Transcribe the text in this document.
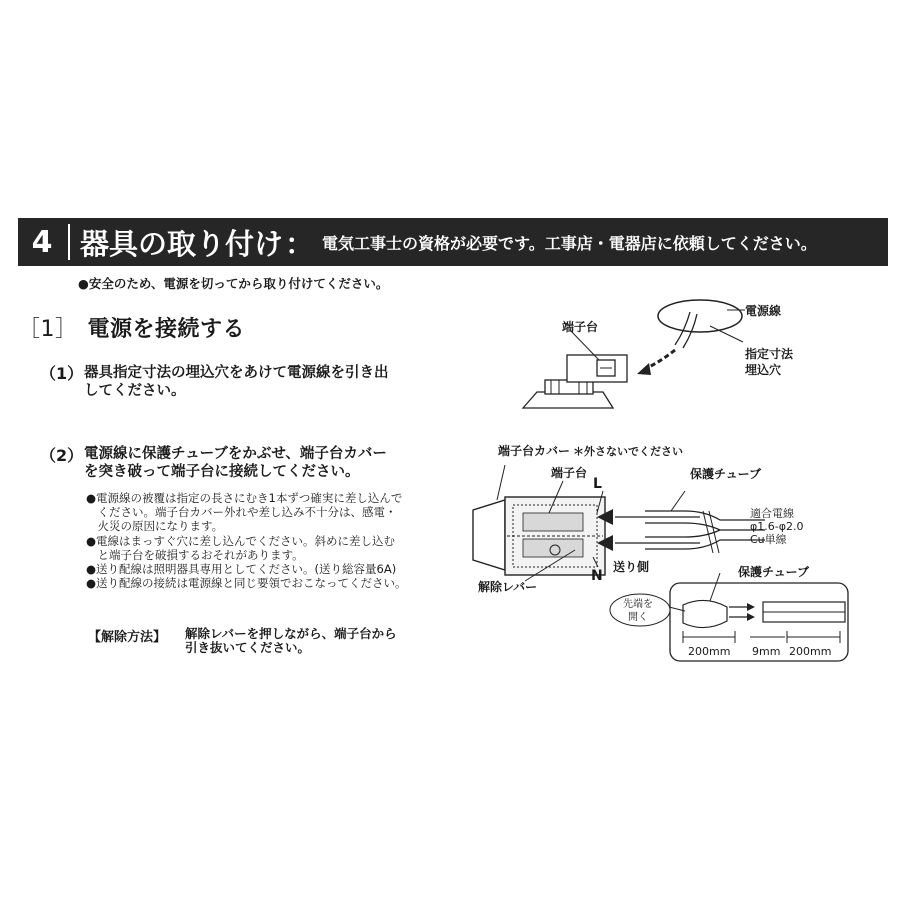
4 器具の取り付け ： 電気工事士の資格が必要です。工事店・電器店に依頼してください。
●安全のため、電源を切ってから取り付けてください。
［1］ 電源を接続する
（1） 器具指定寸法の埋込穴をあけて電源線を引き出
してください。
（2） 電源線に保護チューブをかぶせ、端子台カバー
を突き破って端子台に接続してください。
●電源線の被覆は指定の長さにむき1本ずつ確実に差し込んで
　ください。端子台カバー外れや差し込み不十分は、感電・
　火災の原因になります。
●電線はまっすぐ穴に差し込んでください。斜めに差し込む
　と端子台を破損するおそれがあります。
●送り配線は照明器具専用としてください。(送り総容量6A)
●送り配線の接続は電源線と同じ要領でおこなってください。
【解除方法】 解除レバーを押しながら、端子台から
引き抜いてください。
端子台
電源線
指定寸法
埋込穴
端子台カバー ＊外さないでください
端子台
L
N
保護チューブ
適合電線
φ1.6-φ2.0
Cu単線
送り側
解除レバー
保護チューブ
先端を
開く
200mm 9mm 200mm
